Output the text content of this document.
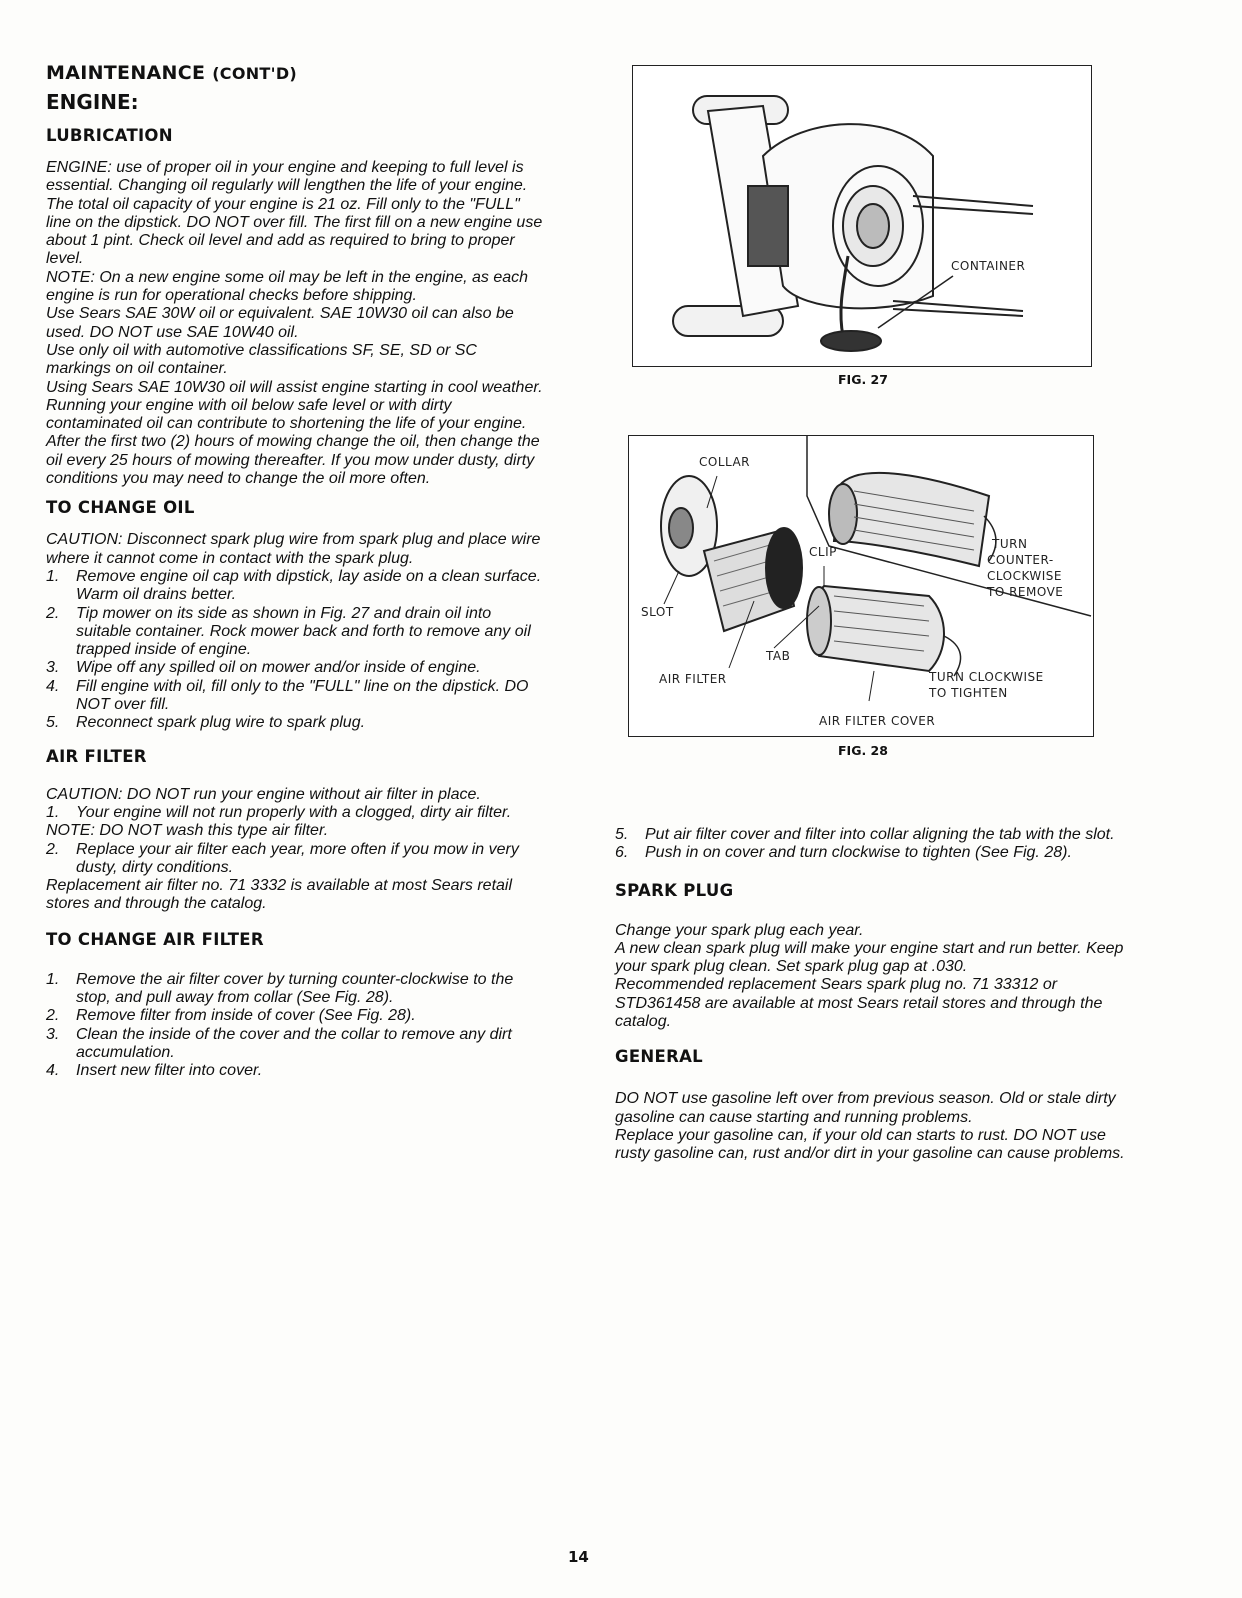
MAINTENANCE (CONT'D)
ENGINE:
LUBRICATION

ENGINE: use of proper oil in your engine and keeping to full level is essential. Changing oil regularly will lengthen the life of your engine.

The total oil capacity of your engine is 21 oz. Fill only to the "FULL" line on the dipstick. DO NOT over fill. The first fill on a new engine use about 1 pint. Check oil level and add as required to bring to proper level.

NOTE: On a new engine some oil may be left in the engine, as each engine is run for operational checks before shipping.

Use Sears SAE 30W oil or equivalent. SAE 10W30 oil can also be used. DO NOT use SAE 10W40 oil.

Use only oil with automotive classifications SF, SE, SD or SC markings on oil container.

Using Sears SAE 10W30 oil will assist engine starting in cool weather.

Running your engine with oil below safe level or with dirty contaminated oil can contribute to shortening the life of your engine.

After the first two (2) hours of mowing change the oil, then change the oil every 25 hours of mowing thereafter. If you mow under dusty, dirty conditions you may need to change the oil more often.

TO CHANGE OIL

CAUTION: Disconnect spark plug wire from spark plug and place wire where it cannot come in contact with the spark plug.

1. Remove engine oil cap with dipstick, lay aside on a clean surface. Warm oil drains better.

2. Tip mower on its side as shown in Fig. 27 and drain oil into suitable container. Rock mower back and forth to remove any oil trapped inside of engine.

3. Wipe off any spilled oil on mower and/or inside of engine.

4. Fill engine with oil, fill only to the "FULL" line on the dipstick. DO NOT over fill.

5. Reconnect spark plug wire to spark plug.

AIR FILTER

CAUTION: DO NOT run your engine without air filter in place.

1. Your engine will not run properly with a clogged, dirty air filter.

NOTE: DO NOT wash this type air filter.

2. Replace your air filter each year, more often if you mow in very dusty, dirty conditions.

Replacement air filter no. 71 3332 is available at most Sears retail stores and through the catalog.

TO CHANGE AIR FILTER

1. Remove the air filter cover by turning counter-clockwise to the stop, and pull away from collar (See Fig. 28).

2. Remove filter from inside of cover (See Fig. 28).

3. Clean the inside of the cover and the collar to remove any dirt accumulation.

4. Insert new filter into cover.

CONTAINER
FIG. 27
COLLAR
CLIP
SLOT
TAB
AIR FILTER
AIR FILTER COVER
TURN
COUNTER-
CLOCKWISE
TO REMOVE
TURN CLOCKWISE
TO TIGHTEN
FIG. 28

5. Put air filter cover and filter into collar aligning the tab with the slot.

6. Push in on cover and turn clockwise to tighten (See Fig. 28).

SPARK PLUG

Change your spark plug each year.

A new clean spark plug will make your engine start and run better. Keep your spark plug clean. Set spark plug gap at .030.

Recommended replacement Sears spark plug no. 71 33312 or STD361458 are available at most Sears retail stores and through the catalog.

GENERAL

DO NOT use gasoline left over from previous season. Old or stale dirty gasoline can cause starting and running problems.

Replace your gasoline can, if your old can starts to rust. DO NOT use rusty gasoline can, rust and/or dirt in your gasoline can cause problems.

14
